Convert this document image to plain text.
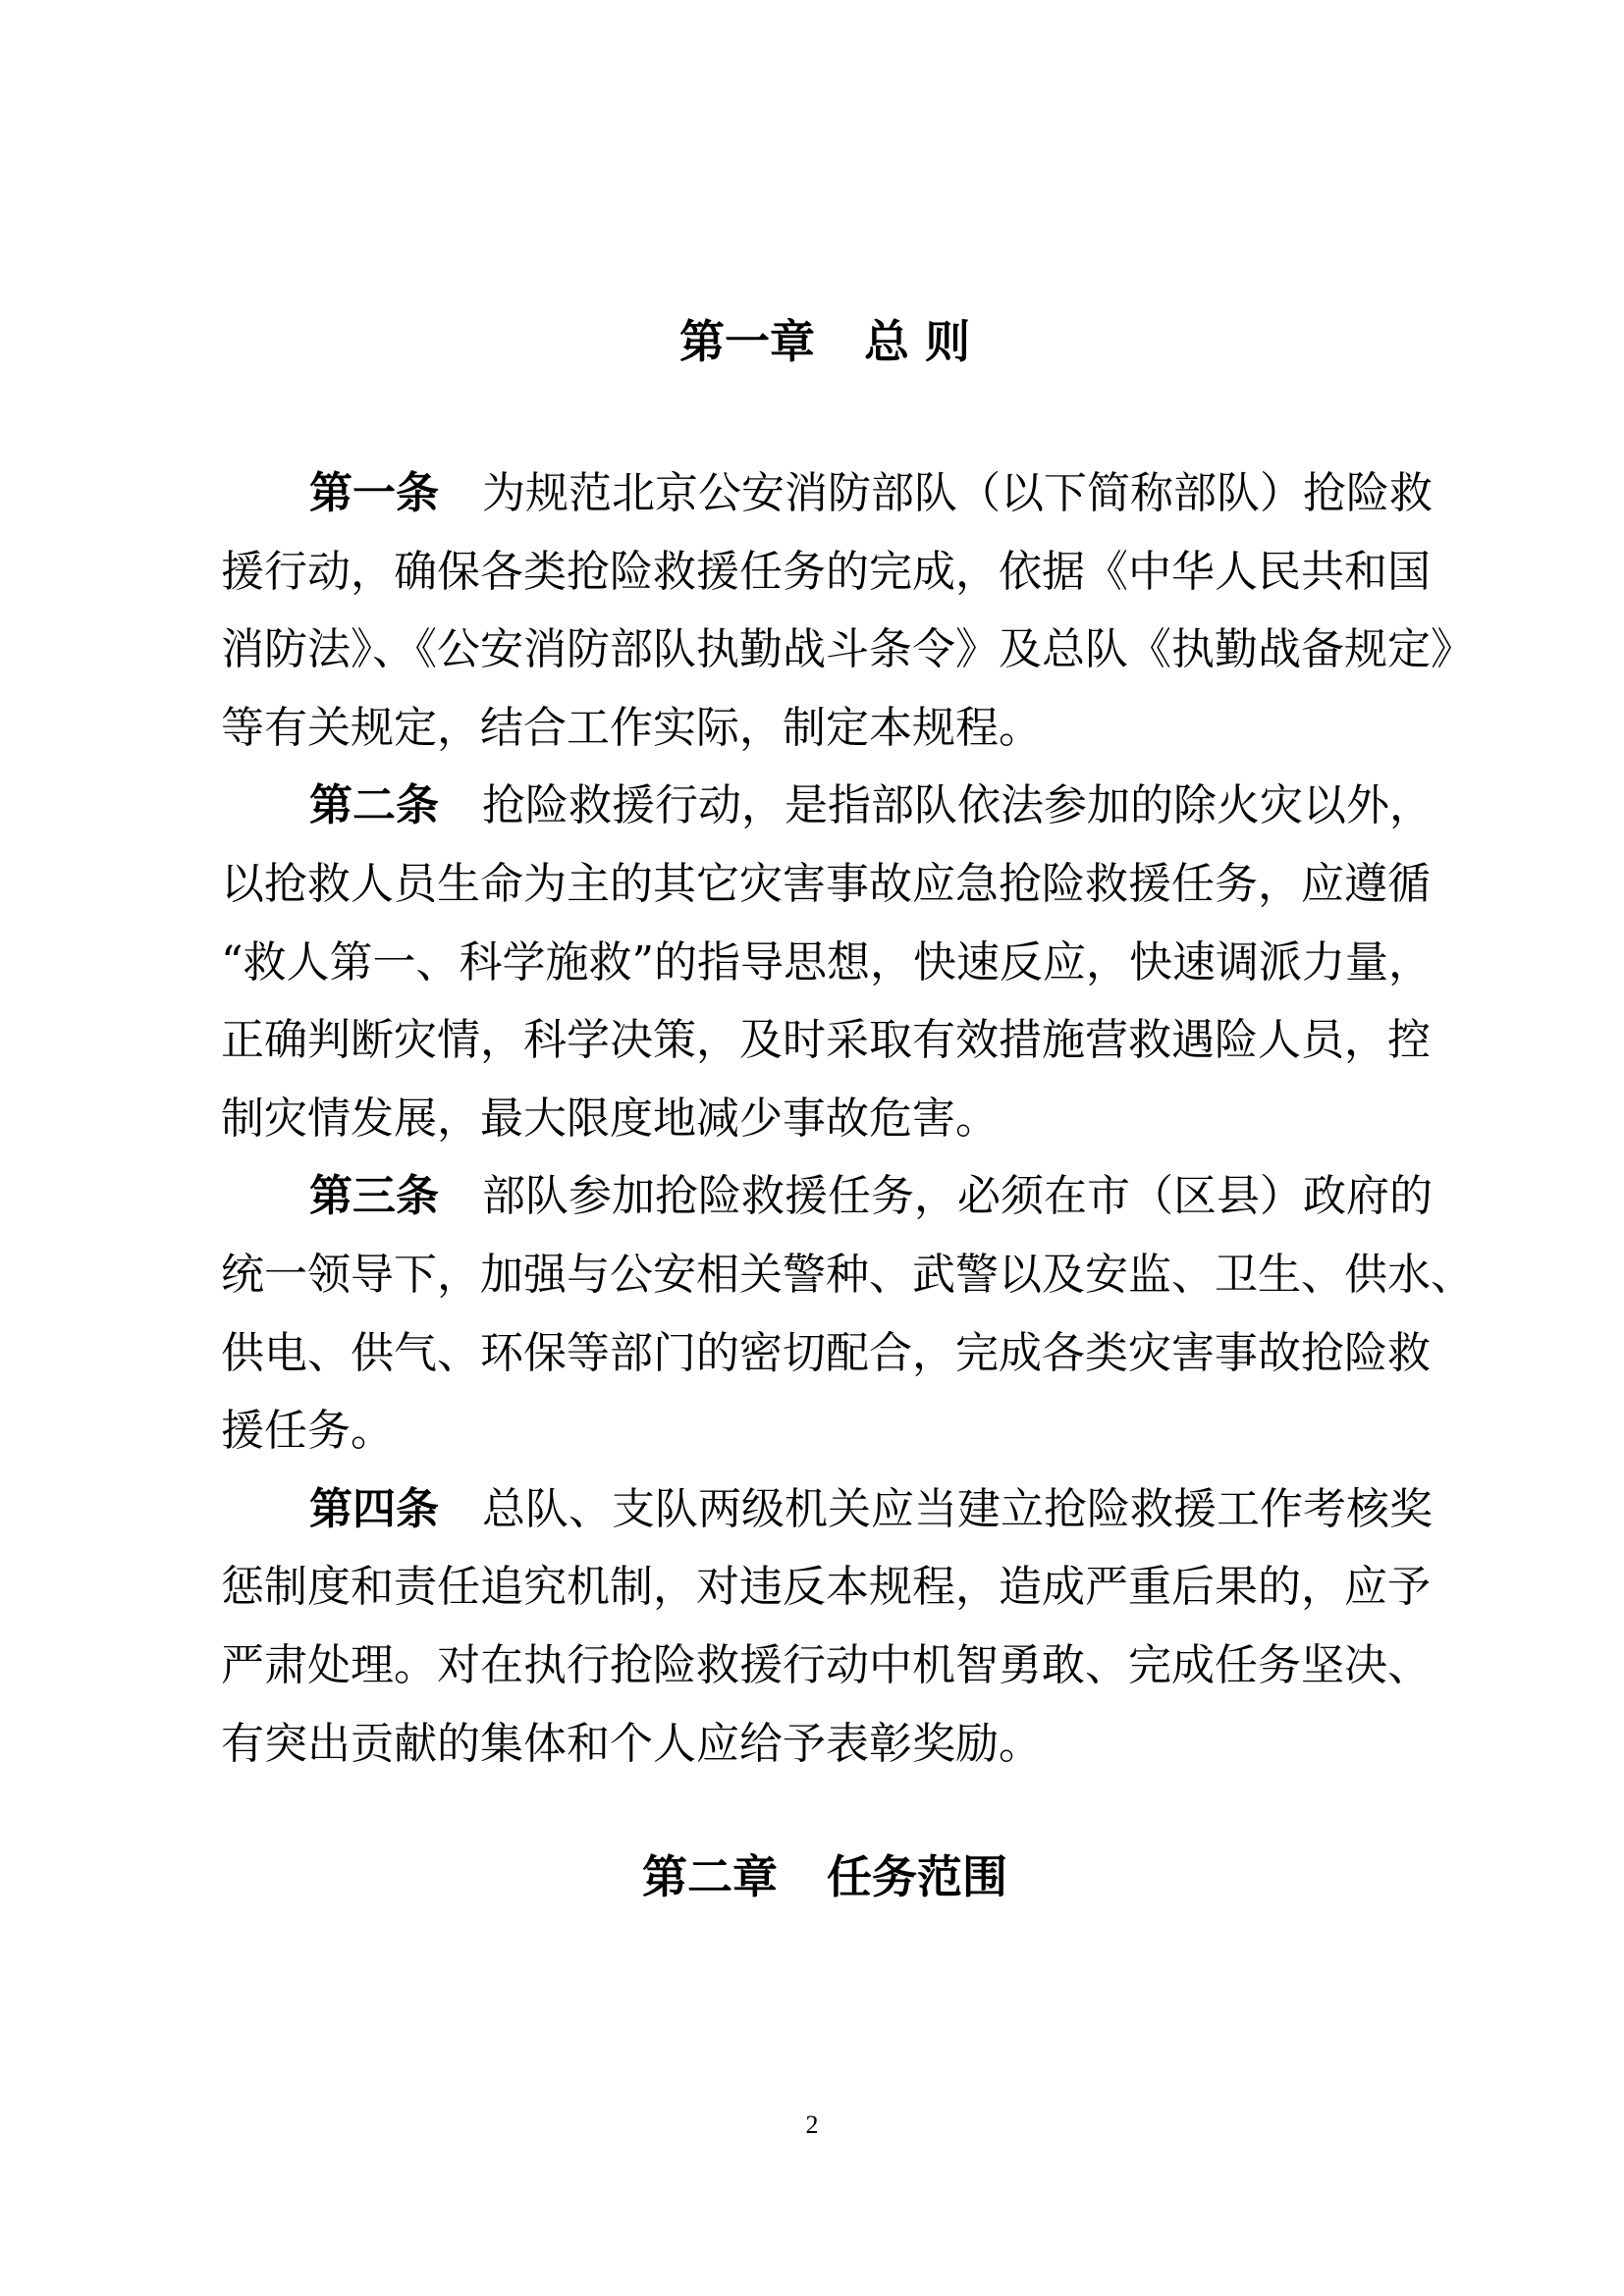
第一章 总 则
第一条 为规范北京公安消防部队（以下简称部队）抢险救
援行动，确保各类抢险救援任务的完成，依据《中华人民共和国
消防法》、《公安消防部队执勤战斗条令》及总队《执勤战备规定》
等有关规定，结合工作实际，制定本规程。
第二条 抢险救援行动，是指部队依法参加的除火灾以外，
以抢救人员生命为主的其它灾害事故应急抢险救援任务，应遵循
“救人第一、科学施救”的指导思想，快速反应，快速调派力量，
正确判断灾情，科学决策，及时采取有效措施营救遇险人员，控
制灾情发展，最大限度地减少事故危害。
第三条 部队参加抢险救援任务，必须在市（区县）政府的
统一领导下，加强与公安相关警种、武警以及安监、卫生、供水、
供电、供气、环保等部门的密切配合，完成各类灾害事故抢险救
援任务。
第四条 总队、支队两级机关应当建立抢险救援工作考核奖
惩制度和责任追究机制，对违反本规程，造成严重后果的，应予
严肃处理。对在执行抢险救援行动中机智勇敢、完成任务坚决、
有突出贡献的集体和个人应给予表彰奖励。
第二章 任务范围
2
